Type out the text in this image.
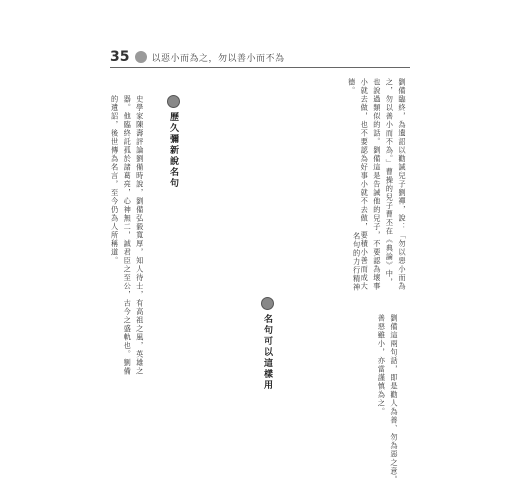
35 以惡小而為之，勿以善小而不為
劉備臨終，為遺詔以勸誡兒子劉禪，說：「勿以惡小而為之，勿以善小而不為。」曹操的兒子曹丕在《典論》中，也說過類似的話。劉備這是告誡他的兒子，不要認為壞事小就去做，也不要認為好事小就不去做，要積小善而成大德。
名句的力行精神
歷久彌新說名句
史學家陳壽評論劉備時說，劉備弘毅寬厚，知人待士，有高祖之風，英雄之器。他臨終託孤於諸葛亮，心神無二，誠君臣之至公，古今之盛軌也。劉備的遺詔，後世傳為名言，至今仍為人所稱道。
名句可以這樣用	劉備這兩句話，即是勸人為善、勿為惡之意。善惡雖小，亦當謹慎為之。
